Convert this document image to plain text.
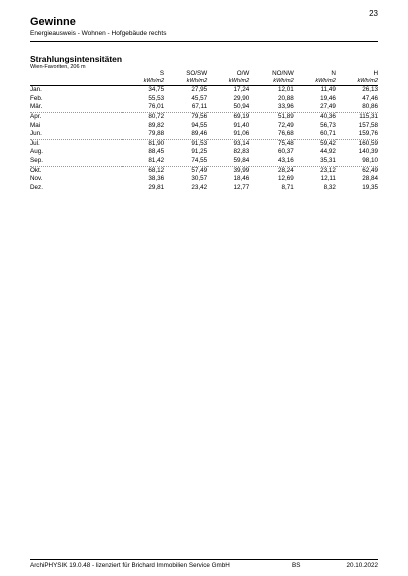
23
Gewinne
Energieausweis - Wohnen - Hofgebäude rechts
Strahlungsintensitäten
Wien-Favoriten, 206 m
	S	SO/SW	O/W	NO/NW	N	H
	kWh/m2	kWh/m2	kWh/m2	kWh/m2	kWh/m2	kWh/m2
Jan.	34,75	27,95	17,24	12,01	11,49	26,13
Feb.	55,53	45,57	29,90	20,88	19,46	47,46
Mär.	76,01	67,11	50,94	33,96	27,49	80,86
Apr.	80,72	79,56	69,19	51,89	40,36	115,31
Mai	89,82	94,55	91,40	72,49	56,73	157,58
Jun.	79,88	89,46	91,06	76,68	60,71	159,76
Jul.	81,90	91,53	93,14	75,48	59,42	160,59
Aug.	88,45	91,25	82,83	60,37	44,92	140,39
Sep.	81,42	74,55	59,84	43,16	35,31	98,10
Okt.	68,12	57,49	39,99	28,24	23,12	62,49
Nov.	38,36	30,57	18,46	12,69	12,11	28,84
Dez.	29,81	23,42	12,77	8,71	8,32	19,35
ArchiPHYSIK 19.0.48 - lizenziert für Brichard Immobilien Service GmbH	BS	20.10.2022
